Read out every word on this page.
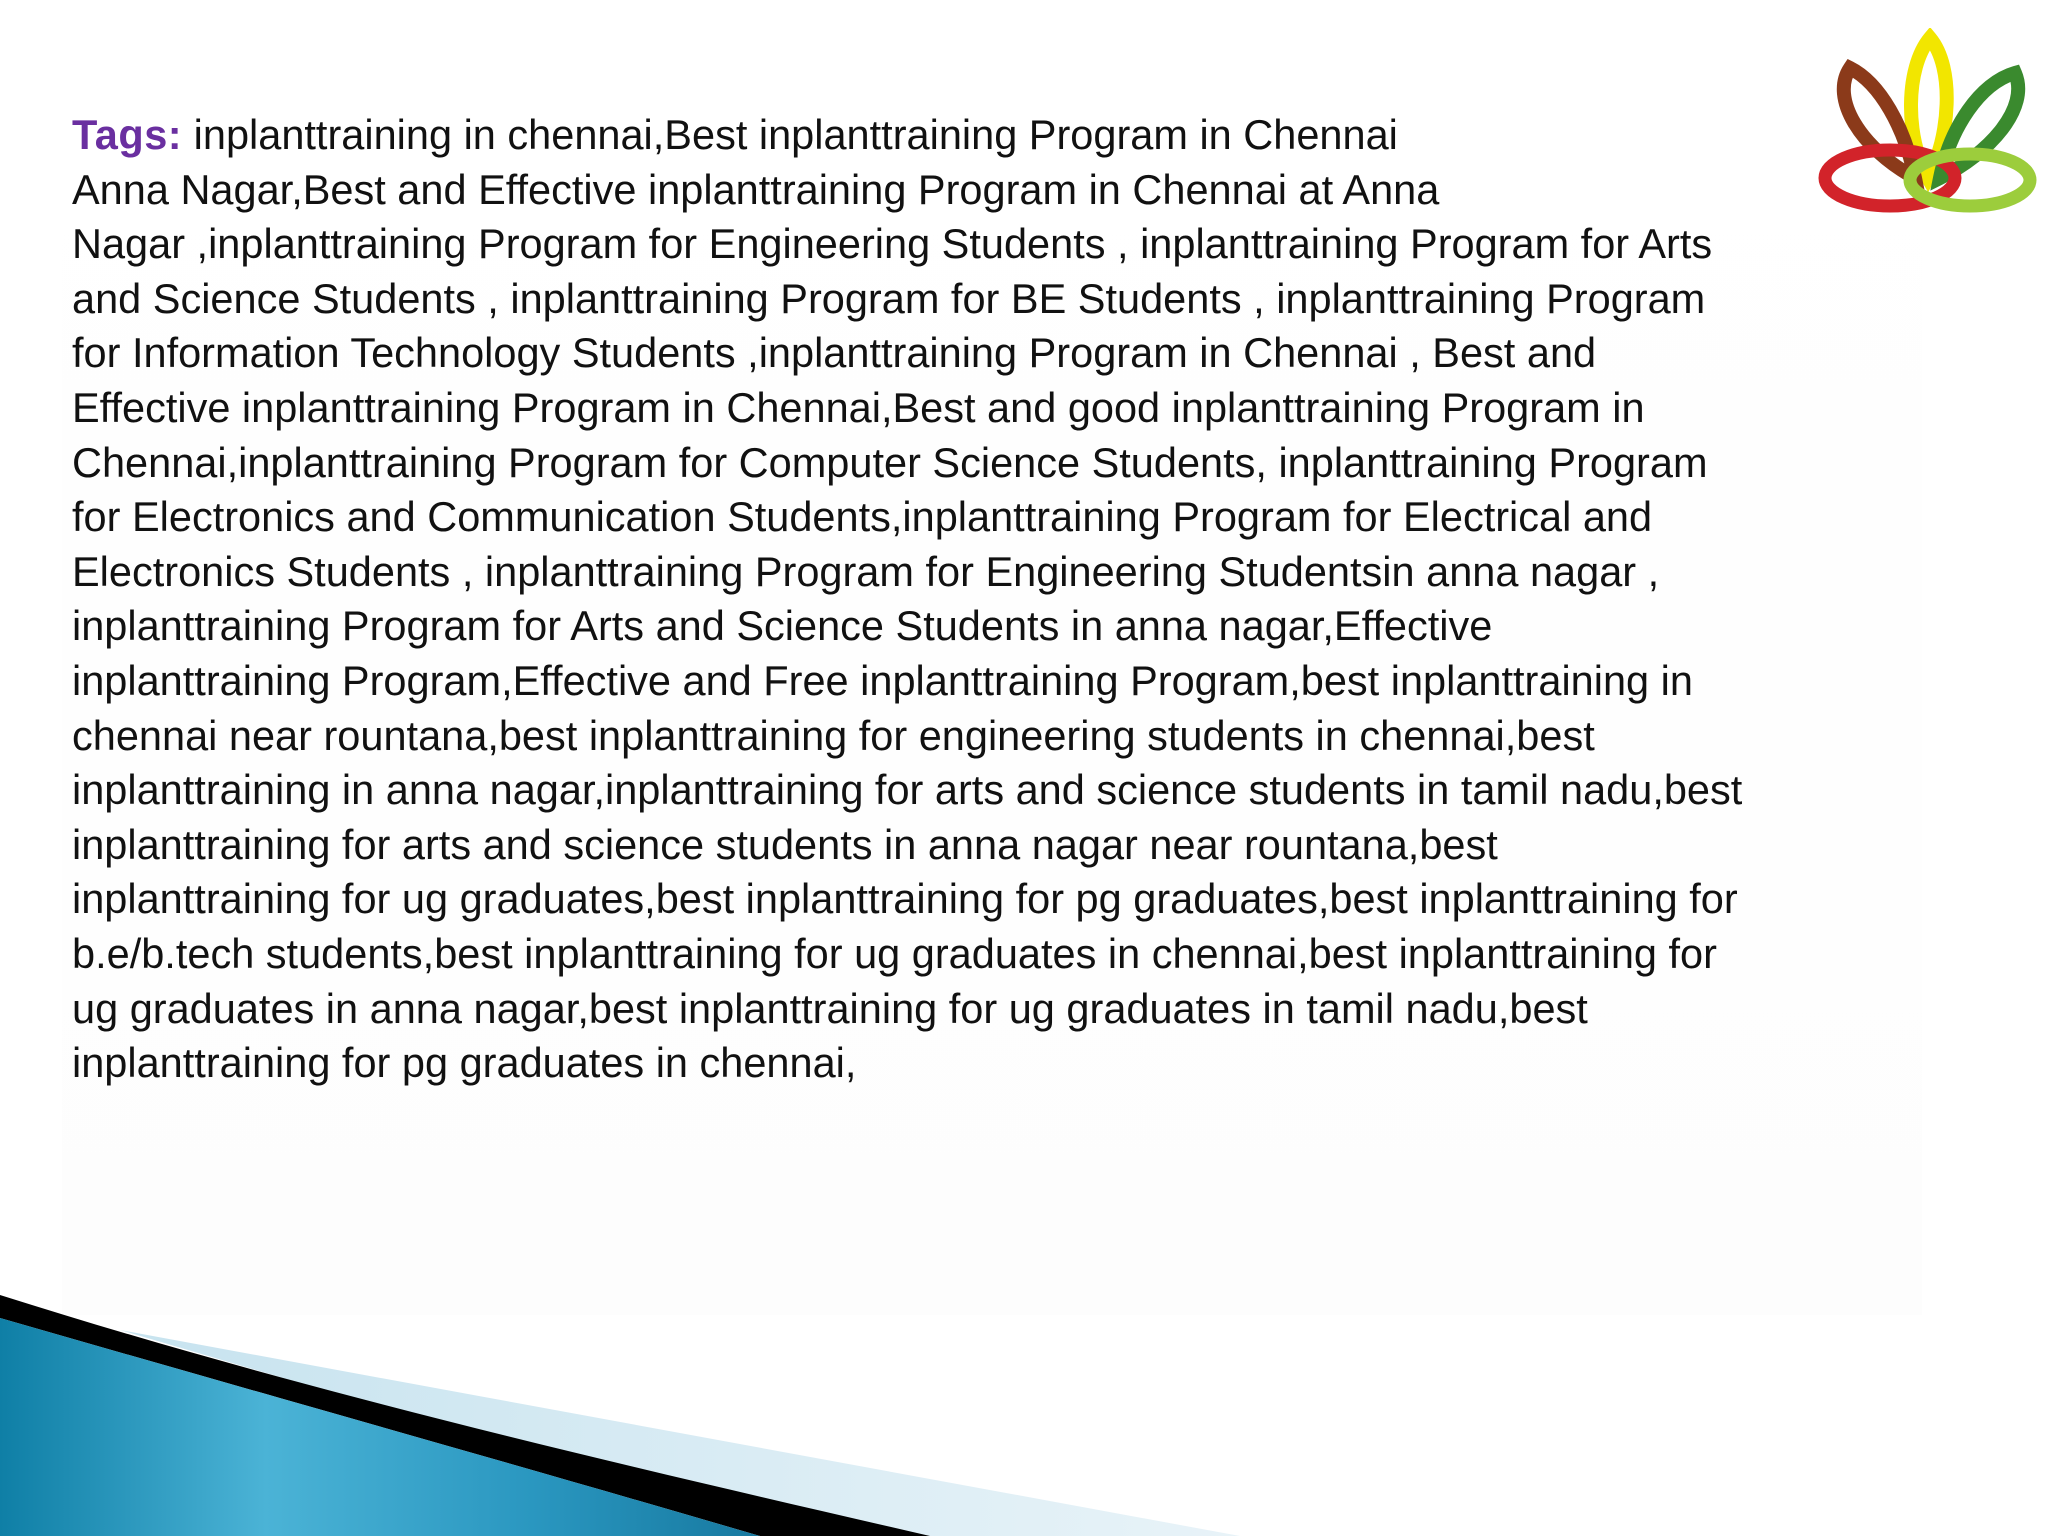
Tags: inplanttraining in chennai,Best inplanttraining Program in Chennai
Anna Nagar,Best and Effective inplanttraining Program in Chennai at Anna
Nagar ,inplanttraining Program for Engineering Students , inplanttraining Program for Arts
and Science Students , inplanttraining Program for BE Students , inplanttraining Program
for Information Technology Students ,inplanttraining Program in Chennai , Best and
Effective inplanttraining Program in Chennai,Best and good inplanttraining Program in
Chennai,inplanttraining Program for Computer Science Students, inplanttraining Program
for Electronics and Communication Students,inplanttraining Program for Electrical and
Electronics Students , inplanttraining Program for Engineering Studentsin anna nagar ,
inplanttraining Program for Arts and Science Students in anna nagar,Effective
inplanttraining Program,Effective and Free inplanttraining Program,best inplanttraining in
chennai near rountana,best inplanttraining for engineering students in chennai,best
inplanttraining in anna nagar,inplanttraining for arts and science students in tamil nadu,best
inplanttraining for arts and science students in anna nagar near rountana,best
inplanttraining for ug graduates,best inplanttraining for pg graduates,best inplanttraining for
b.e/b.tech students,best inplanttraining for ug graduates in chennai,best inplanttraining for
ug graduates in anna nagar,best inplanttraining for ug graduates in tamil nadu,best
inplanttraining for pg graduates in chennai,
